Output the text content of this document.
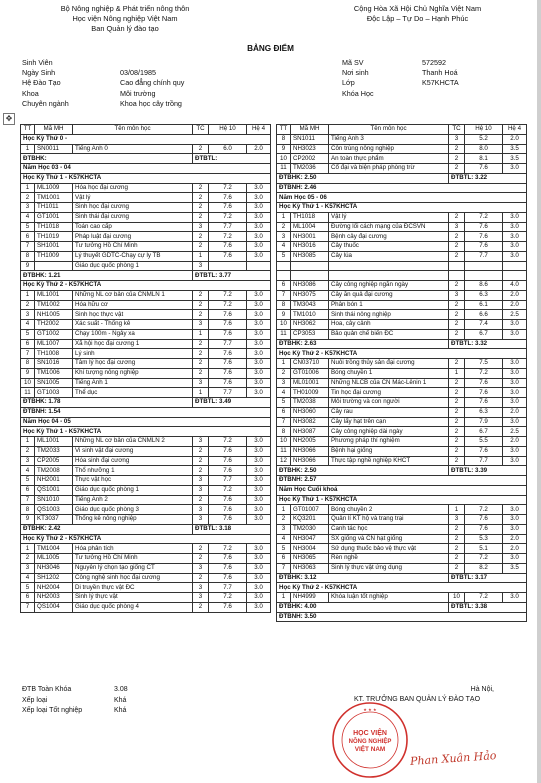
Bộ Nông nghiệp & Phát triển nông thôn
Học viện Nông nghiệp Việt Nam
Ban Quản lý đào tạo
Cộng Hòa Xã Hội Chủ Nghĩa Việt Nam
Độc Lập – Tự Do – Hạnh Phúc
BẢNG ĐIỂM
Sinh Viên	Mã SV	572592
Ngày Sinh	03/08/1985	Nơi sinh	Thanh Hoá
Hệ Đào Tạo	Cao đẳng chính quy	Lớp	K57KHCTA
Khoa	Môi trường	Khóa Học
Chuyên ngành	Khoa học cây trồng
✥
TT	Mã MH	Tên môn học	TC	Hệ 10	Hệ 4
Học Kỳ Thứ 0 -					
1	SN0011	Tiếng Anh 0	2	6.0	2.0
ĐTBHK:			ĐTBTL:		
Năm Học 03 - 04					
Học Kỳ Thứ 1 - K57KHCTA					
1	ML1009	Hóa học đại cương	2	7.2	3.0
2	TM1001	Vật lý	2	7.6	3.0
3	TH1011	Sinh học đại cương	2	7.6	3.0
4	GT1001	Sinh thái đại cương	2	7.2	3.0
5	TH1018	Toán cao cấp	3	7.7	3.0
6	TH1019	Pháp luật đại cương	2	7.2	3.0
7	SH1001	Tư tưởng Hồ Chí Minh	2	7.6	3.0
8	TH1009	Lý thuyết GDTC-Chạy cự ly TB	1	7.6	3.0
9		Giáo dục quốc phòng 1	3		
ĐTBHK: 1.21			ĐTBTL: 3.77		
Học Kỳ Thứ 2 - K57KHCTA					
1	ML1001	Những NL cơ bản của CNMLN 1	2	7.2	3.0
2	TM1002	Hóa hữu cơ	2	7.2	3.0
3	NH1005	Sinh học thực vật	2	7.6	3.0
4	TH2002	Xác suất - Thống kê	3	7.6	3.0
5	GT1002	Chạy 100m - Ngảy xa	1	7.6	3.0
6	ML1007	Xã hội học đại cương 1	2	7.7	3.0
7	TH1008	Lý sinh	2	7.6	3.0
8	SN1016	Tâm lý học đại cương	2	7.6	3.0
9	TM1006	Khí tượng nông nghiệp	2	7.6	3.0
10	SN1005	Tiếng Anh 1	3	7.6	3.0
11	GT1003	Thể dục	1	7.7	3.0
ĐTBHK: 1.78			ĐTBTL: 3.49		
ĐTBNH: 1.54					
Năm Học 04 - 05					
Học Kỳ Thứ 1 - K57KHCTA					
1	ML1001	Những NL cơ bản của CNMLN 2	3	7.2	3.0
2	TM2033	Vi sinh vật đại cương	2	7.6	3.0
3	CP2005	Hóa sinh đại cương	2	7.6	3.0
4	TM2008	Thổ nhưỡng 1	2	7.6	3.0
5	NH2001	Thực vật học	3	7.7	3.0
6	QS1001	Giáo dục quốc phòng 1	3	7.2	3.0
7	SN1010	Tiếng Anh 2	2	7.6	3.0
8	QS1003	Giáo dục quốc phòng 3	3	7.6	3.0
9	KT3037	Thống kê nông nghiệp	3	7.6	3.0
ĐTBHK: 2.42			ĐTBTL: 3.18		
Học Kỳ Thứ 2 - K57KHCTA					
1	TM1004	Hóa phân tích	2	7.2	3.0
2	ML1005	Tư tưởng Hồ Chí Minh	2	7.6	3.0
3	NH3046	Nguyên lý chọn tạo giống CT	3	7.6	3.0
4	SH1202	Công nghệ sinh học đại cương	2	7.6	3.0
5	NH2004	Di truyền thực vật ĐC	3	7.7	3.0
6	NH2003	Sinh lý thực vật	3	7.2	3.0
7	QS1004	Giáo dục quốc phòng 4	2	7.6	3.0
TT	Mã MH	Tên môn học	TC	Hệ 10	Hệ 4
8	SN1011	Tiếng Anh 3	3	5.2	2.0
9	NH3023	Côn trùng nông nghiệp	2	8.0	3.5
10	CP2002	An toàn thực phẩm	2	8.1	3.5
11	TM2036	Cổ đại và biện pháp phòng trừ	2	7.6	3.0
ĐTBHK: 2.50			ĐTBTL: 3.22		
ĐTBNH: 2.46					
Năm Học 05 - 06					
Học Kỳ Thứ 1 - K57KHCTA					
1	TH1018	Vật lý	2	7.2	3.0
2	ML1004	Đường lối cách mạng của ĐCSVN	3	7.6	3.0
3	NH3001	Bệnh cây đại cương	2	7.6	3.0
4	NH3016	Cây thuốc	2	7.6	3.0
5	NH3085	Cây lúa	2	7.7	3.0

6	NH3086	Cây công nghiệp ngắn ngày	2	8.6	4.0
7	NH3075	Cây ăn quả đại cương	3	6.3	2.0
8	TM3043	Phân bón 1	2	6.1	2.0
9	TM1010	Sinh thái nông nghiệp	2	6.6	2.5
10	NH3062	Hoa, cây cảnh	2	7.4	3.0
11	CP3053	Bảo quản chế biến ĐC	2	6.7	3.0
ĐTBHK: 2.63			ĐTBTL: 3.32		
Học Kỳ Thứ 2 - K57KHCTA					
1	CN03710	Nuôi trồng thủy sản đại cương	2	7.5	3.0
2	GT01006	Bóng chuyền 1	1	7.2	3.0
3	ML01001	Những NLCB của CN Mác-Lênin 1	2	7.6	3.0
4	TH01009	Tin học đại cương	2	7.6	3.0
5	TM2038	Môi trường và con người	2	7.6	3.0
6	NH3060	Cây rau	2	6.3	2.0
7	NH3082	Cây lấy hạt trên cạn	2	7.9	3.0
8	NH3087	Cây công nghiệp dài ngày	2	6.7	2.5
10	NH2005	Phương pháp thí nghiệm	2	5.5	2.0
11	NH3066	Bệnh hại giống	2	7.6	3.0
12	NH3066	Thực tập nghề nghiệp KHCT	2	7.7	3.0
ĐTBHK: 2.50			ĐTBTL: 3.39		
ĐTBNH: 2.57					
Năm Học Cuối khoá					
Học Kỳ Thứ 1 - K57KHCTA					
1	GT01007	Bóng chuyền 2	1	7.2	3.0
2	KQ3201	Quản lí KT hộ và trang trại	3	7.6	3.0
3	TM2030	Canh tác học	2	7.6	3.0
4	NH3047	SX giống và CN hạt giống	2	5.3	2.0
5	NH3004	Sử dụng thuốc bảo vệ thực vật	2	5.1	2.0
6	NH3065	Rèn nghề	2	7.2	3.0
7	NH3063	Sinh lý thực vật ứng dụng	2	8.2	3.5
ĐTBHK: 3.12			ĐTBTL: 3.17		
Học Kỳ Thứ 2 - K57KHCTA					
1	NH4999	Khóa luận tốt nghiệp	10	7.2	3.0
ĐTBHK: 4.00			ĐTBTL: 3.38		
ĐTBNH: 3.50					
ĐTB Toàn Khóa	3.08
Xếp loại	Khá
Xếp loại Tốt nghiệp	Khá
Hà Nội,
KT. TRƯỞNG BAN QUẢN LÝ ĐÀO TẠO
HỌC VIỆN
NÔNG NGHIỆP
VIỆT NAM
★ ★ ★
Phan Xuân Hảo
